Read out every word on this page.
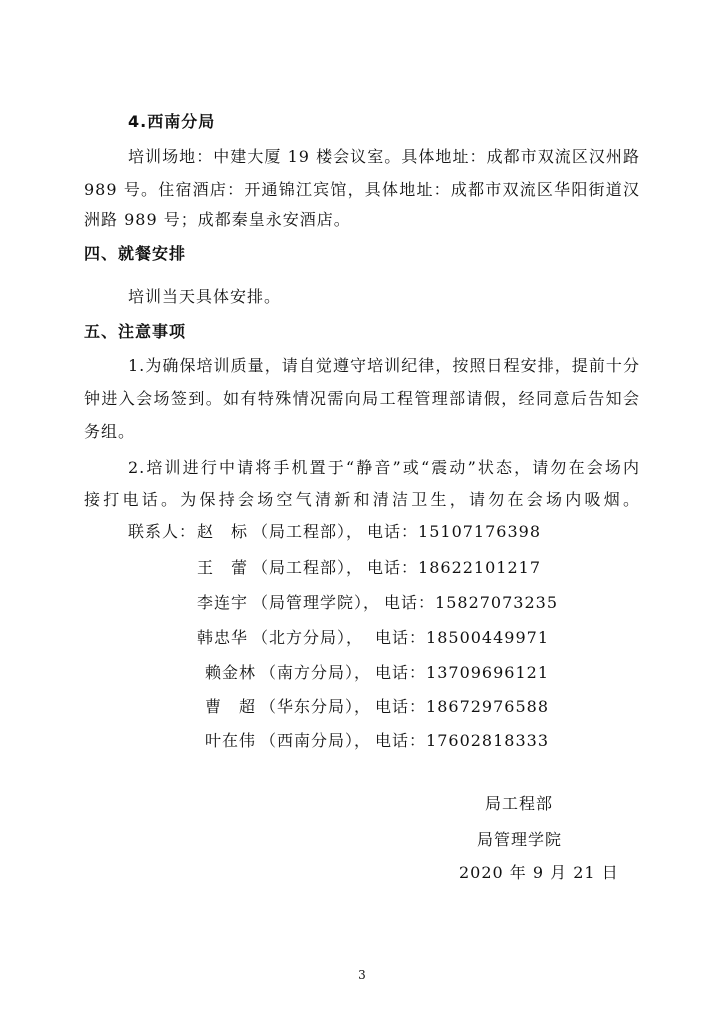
4.西南分局
培训场地：中建大厦 19 楼会议室。具体地址：成都市双流区汉州路
989 号。住宿酒店：开通锦江宾馆，具体地址：成都市双流区华阳街道汉
洲路 989 号；成都秦皇永安酒店。
四、就餐安排
培训当天具体安排。
五、注意事项
1.为确保培训质量，请自觉遵守培训纪律，按照日程安排，提前十分
钟进入会场签到。如有特殊情况需向局工程管理部请假，经同意后告知会
务组。
2.培训进行中请将手机置于“静音”或“震动”状态，请勿在会场内
接打电话。为保持会场空气清新和清洁卫生，请勿在会场内吸烟。
联系人： 赵　标 （局工程部）， 电话：15107176398
王　蕾 （局工程部）， 电话：18622101217
李连宇 （局管理学院）， 电话：15827073235
韩忠华 （北方分局）， 电话：18500449971
赖金林 （南方分局）， 电话：13709696121
曹　超 （华东分局）， 电话：18672976588
叶在伟 （西南分局）， 电话：17602818333
局工程部
局管理学院
2020 年 9 月 21 日
3
